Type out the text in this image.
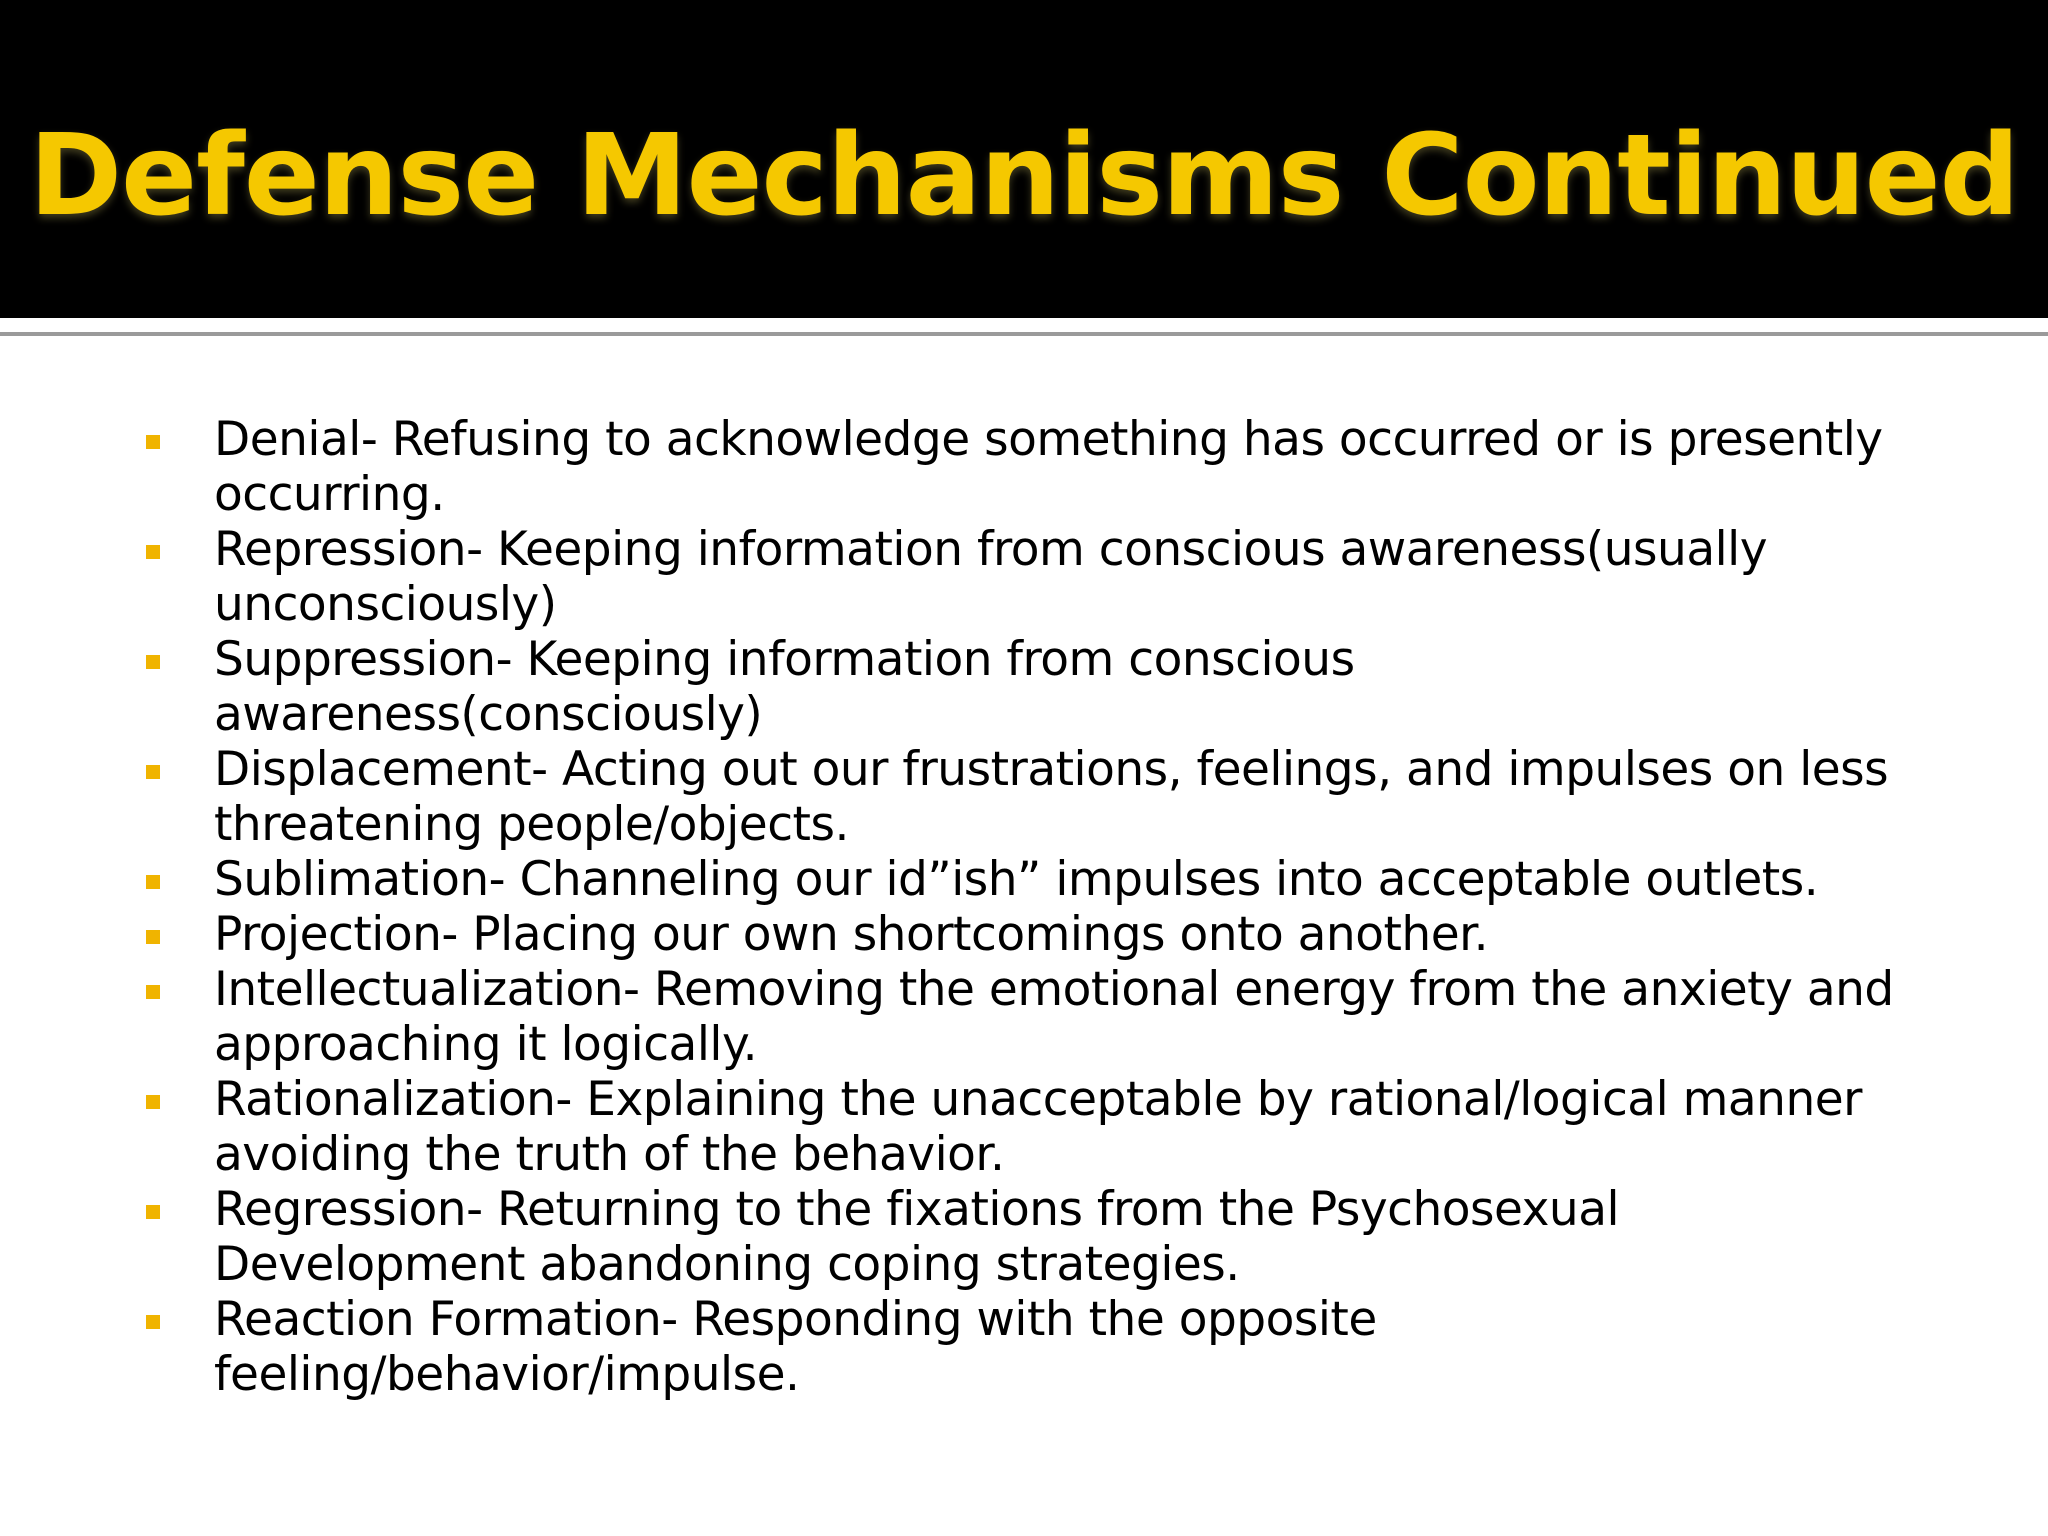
Defense Mechanisms Continued
Denial- Refusing to acknowledge something has occurred or is presently
occurring.
Repression- Keeping information from conscious awareness(usually
unconsciously)
Suppression- Keeping information from conscious
awareness(consciously)
Displacement- Acting out our frustrations, feelings, and impulses on less
threatening people/objects.
Sublimation- Channeling our id”ish” impulses into acceptable outlets.
Projection- Placing our own shortcomings onto another.
Intellectualization- Removing the emotional energy from the anxiety and
approaching it logically.
Rationalization- Explaining the unacceptable by rational/logical manner
avoiding the truth of the behavior.
Regression- Returning to the fixations from the Psychosexual
Development abandoning coping strategies.
Reaction Formation- Responding with the opposite
feeling/behavior/impulse.
